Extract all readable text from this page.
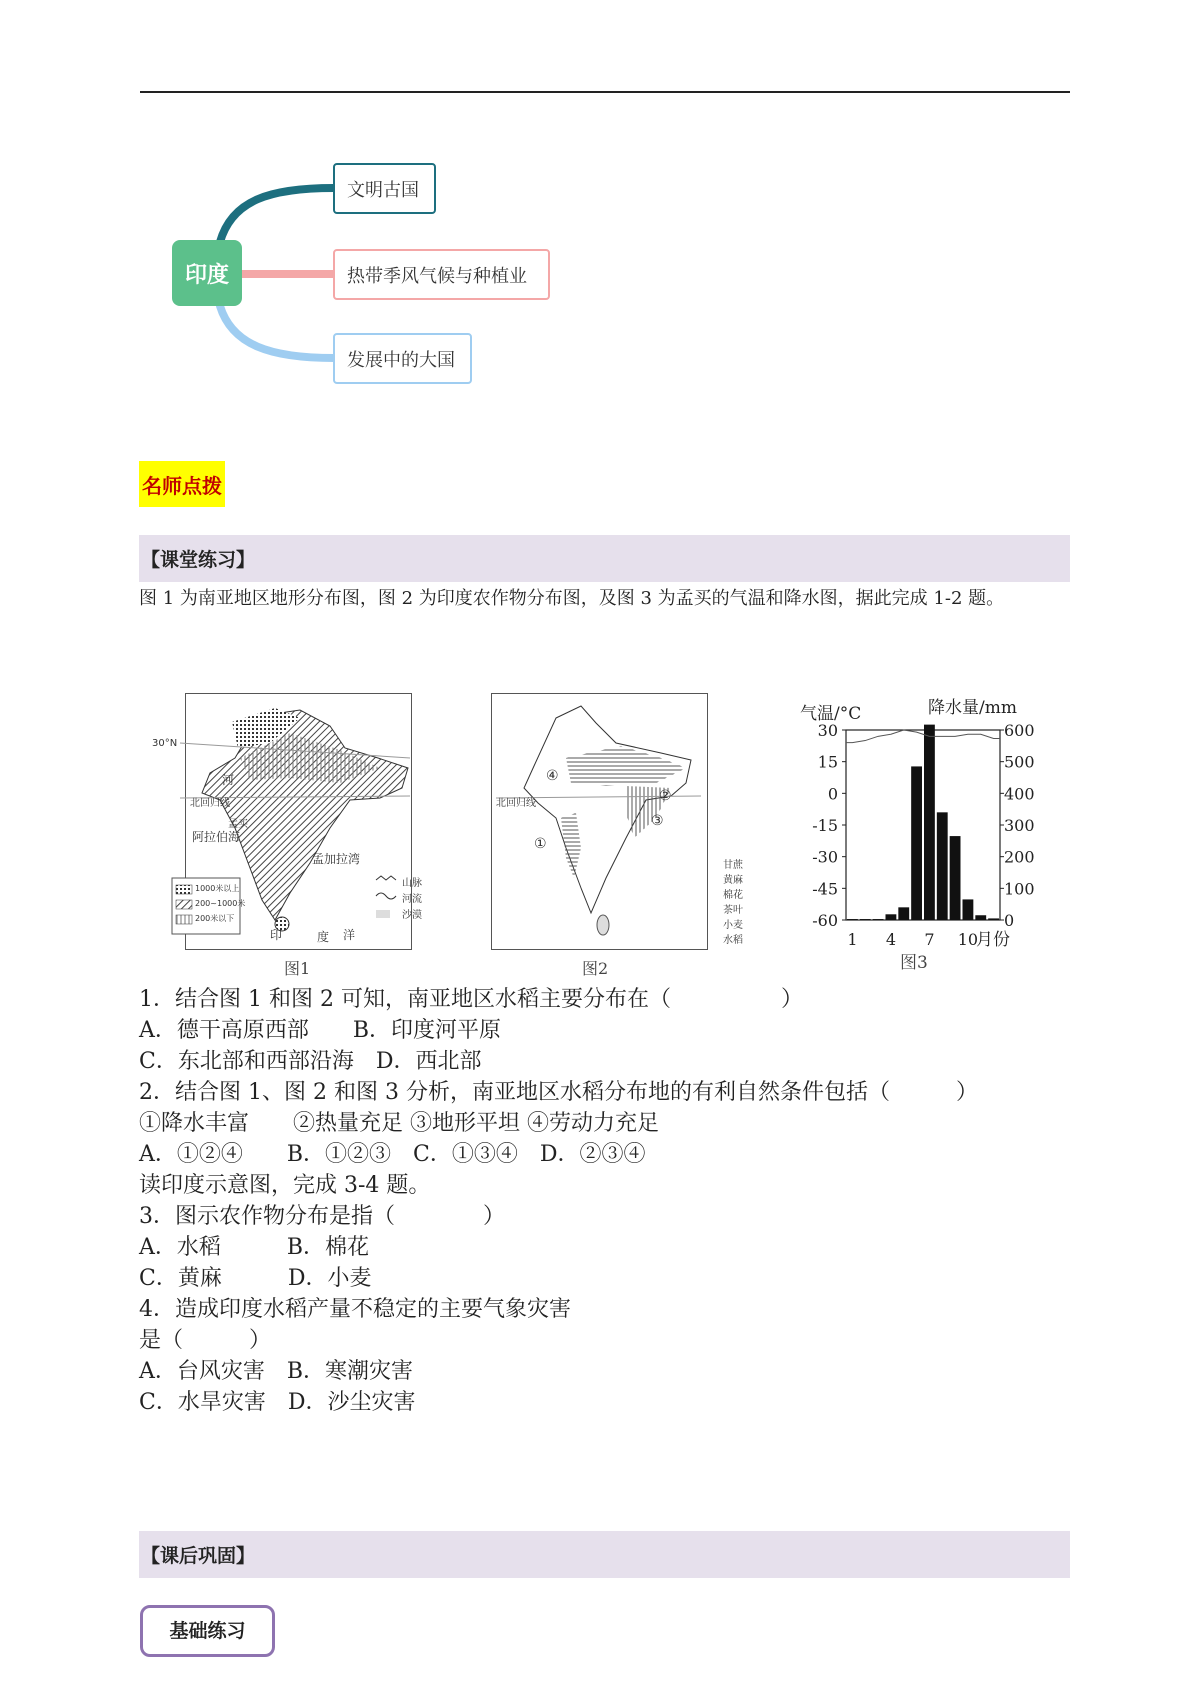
印度
文明古国
热带季风气候与种植业
发展中的大国
名师点拨
【课堂练习】
图 1 为南亚地区地形分布图，图 2 为印度农作物分布图，及图 3 为孟买的气温和降水图，据此完成 1-2 题。
30°N
北回归线
孟买
阿拉伯海
孟加拉湾
河
印	度 洋
1000米以上
200~1000米
200米以下
山脉
河流
沙漠
图1
北回归线
①
②
③
④
甘蔗
黄麻
棉花
茶叶
小麦
水稻
图2
气温/°C	降水量/mm
30
15
0
-15
-30
-45
-60
600
500
400
300
200
100
0
1 4 7 10
月份
图3
1．结合图 1 和图 2 可知，南亚地区水稻主要分布在（　　　　　）
A．德干高原西部　　B．印度河平原
C．东北部和西部沿海　D．西北部
2．结合图 1、图 2 和图 3 分析，南亚地区水稻分布地的有利自然条件包括（　　　）
①降水丰富　　②热量充足 ③地形平坦 ④劳动力充足
A．①②④　　B．①②③　C．①③④　D．②③④
读印度示意图，完成 3-4 题。
3．图示农作物分布是指（　　　　）
A．水稻　　　B．棉花
C．黄麻　　　D．小麦
4．造成印度水稻产量不稳定的主要气象灾害
是（　　　）
A．台风灾害　B．寒潮灾害
C．水旱灾害　D．沙尘灾害
【课后巩固】
基础练习
